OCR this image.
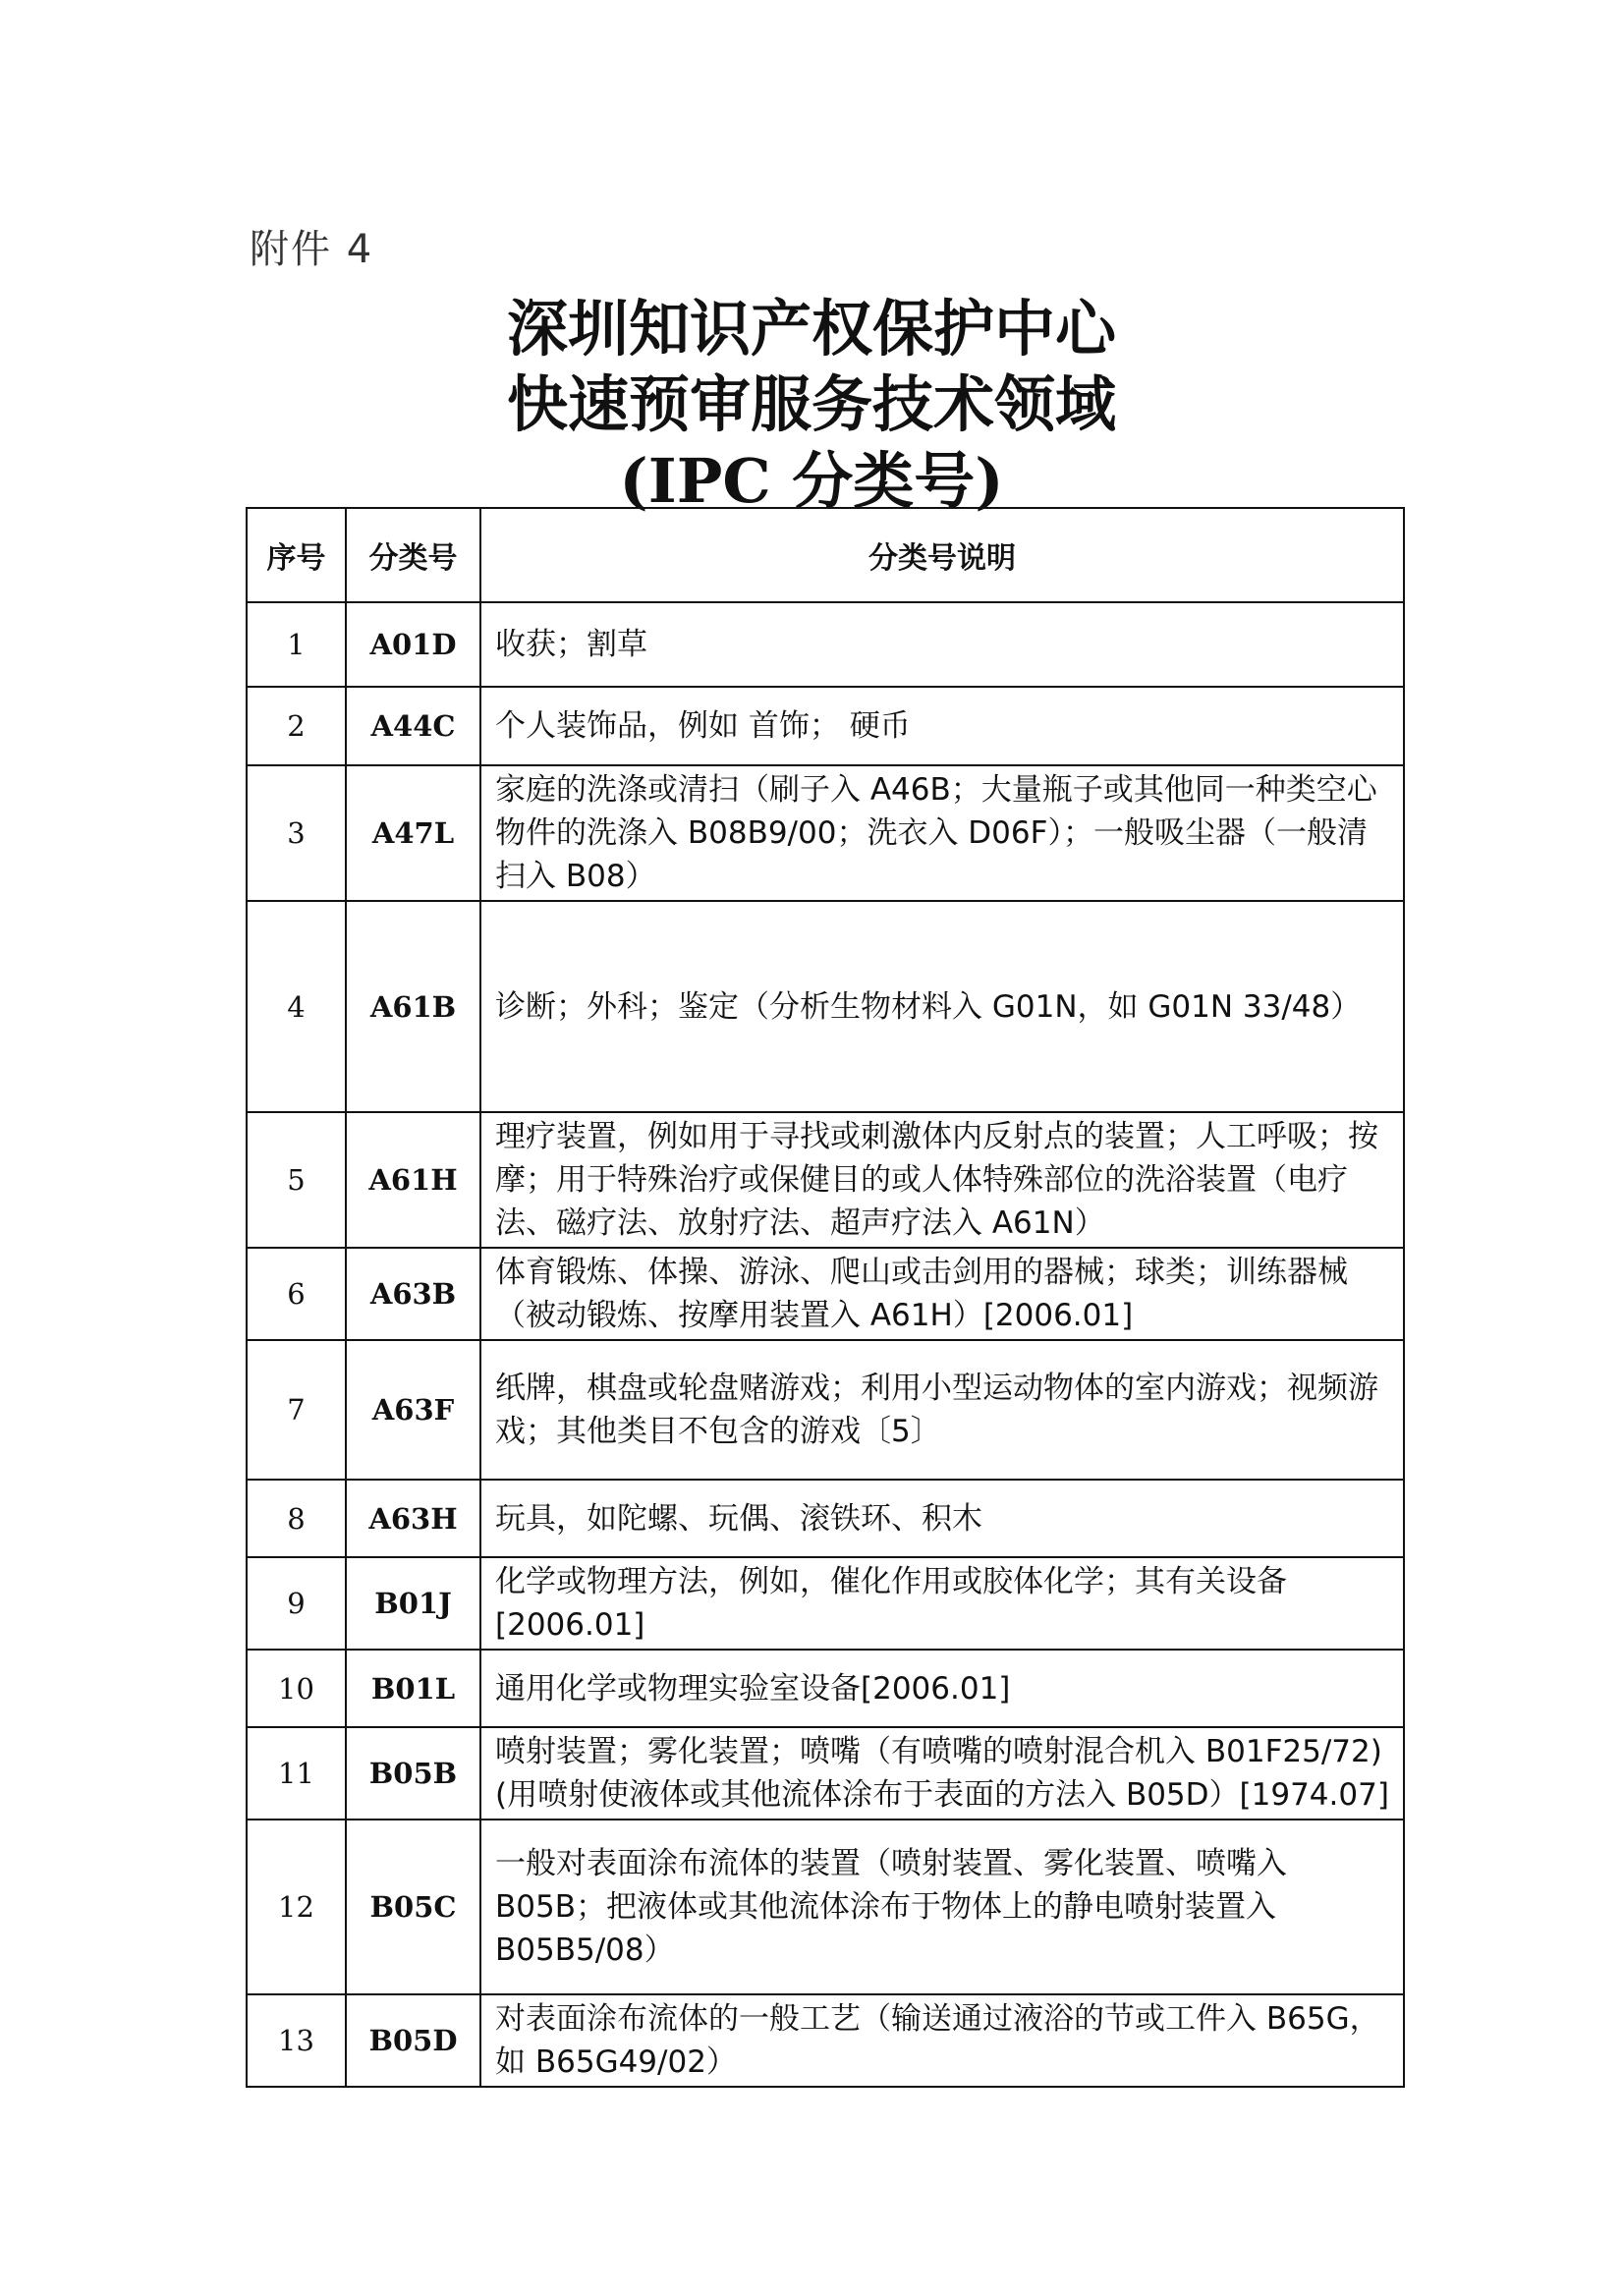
附件 4
深圳知识产权保护中心
快速预审服务技术领域
(IPC 分类号)
序号	分类号	分类号说明
1	A01D	收获；割草
2	A44C	个人装饰品，例如 首饰； 硬币
3	A47L	家庭的洗涤或清扫（刷子入 A46B；大量瓶子或其他同一种类空心物件的洗涤入 B08B9/00；洗衣入 D06F）；一般吸尘器（一般清扫入 B08）
4	A61B	诊断；外科；鉴定（分析生物材料入 G01N，如 G01N 33/48）
5	A61H	理疗装置，例如用于寻找或刺激体内反射点的装置；人工呼吸；按摩；用于特殊治疗或保健目的或人体特殊部位的洗浴装置（电疗法、磁疗法、放射疗法、超声疗法入 A61N）
6	A63B	体育锻炼、体操、游泳、爬山或击剑用的器械；球类；训练器械（被动锻炼、按摩用装置入 A61H）[2006.01]
7	A63F	纸牌，棋盘或轮盘赌游戏；利用小型运动物体的室内游戏；视频游戏；其他类目不包含的游戏〔5〕
8	A63H	玩具，如陀螺、玩偶、滚铁环、积木
9	B01J	化学或物理方法，例如，催化作用或胶体化学；其有关设备[2006.01]
10	B01L	通用化学或物理实验室设备[2006.01]
11	B05B	喷射装置；雾化装置；喷嘴（有喷嘴的喷射混合机入 B01F25/72)(用喷射使液体或其他流体涂布于表面的方法入 B05D）[1974.07]
12	B05C	一般对表面涂布流体的装置（喷射装置、雾化装置、喷嘴入 B05B；把液体或其他流体涂布于物体上的静电喷射装置入 B05B5/08）
13	B05D	对表面涂布流体的一般工艺（输送通过液浴的节或工件入 B65G，如 B65G49/02）
